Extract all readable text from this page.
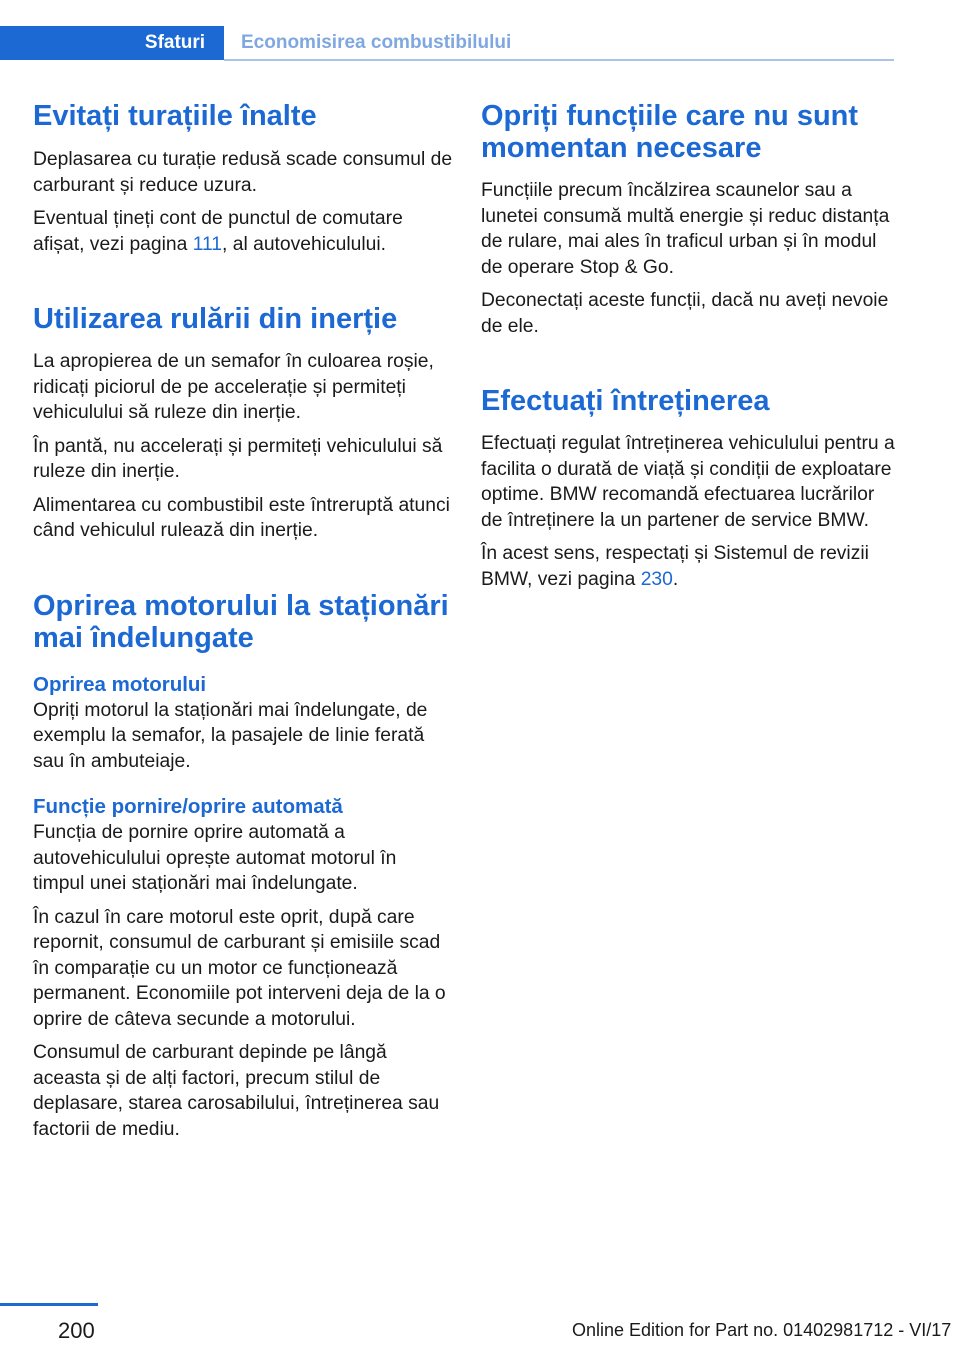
Sfaturi	Economisirea combustibilului
Evitați turațiile înalte

Deplasarea cu turație redusă scade consumul de carburant și reduce uzura.

Eventual țineți cont de punctul de comutare afișat, vezi pagina 111, al autovehiculului.

Utilizarea rulării din inerție

La apropierea de un semafor în culoarea roșie, ridicați piciorul de pe accelerație și permiteți vehiculului să ruleze din inerție.

În pantă, nu accelerați și permiteți vehiculului să ruleze din inerție.

Alimentarea cu combustibil este întreruptă atunci când vehiculul rulează din inerție.

Oprirea motorului la staționări mai îndelungate
Oprirea motorului

Opriți motorul la staționări mai îndelungate, de exemplu la semafor, la pasajele de linie ferată sau în ambuteiaje.

Funcție pornire/oprire automată

Funcția de pornire oprire automată a autovehiculului oprește automat motorul în timpul unei staționări mai îndelungate.

În cazul în care motorul este oprit, după care repornit, consumul de carburant și emisiile scad în comparație cu un motor ce funcționează permanent. Economiile pot interveni deja de la o oprire de câteva secunde a motorului.

Consumul de carburant depinde pe lângă aceasta și de alți factori, precum stilul de deplasare, starea carosabilului, întreținerea sau factorii de mediu.

Opriți funcțiile care nu sunt momentan necesare

Funcțiile precum încălzirea scaunelor sau a lunetei consumă multă energie și reduc distanța de rulare, mai ales în traficul urban și în modul de operare Stop & Go.

Deconectați aceste funcții, dacă nu aveți nevoie de ele.

Efectuați întreținerea

Efectuați regulat întreținerea vehiculului pentru a facilita o durată de viață și condiții de exploatare optime. BMW recomandă efectuarea lucrărilor de întreținere la un partener de service BMW.

În acest sens, respectați și Sistemul de revizii BMW, vezi pagina 230.

200	Online Edition for Part no. 01402981712 - VI/17
